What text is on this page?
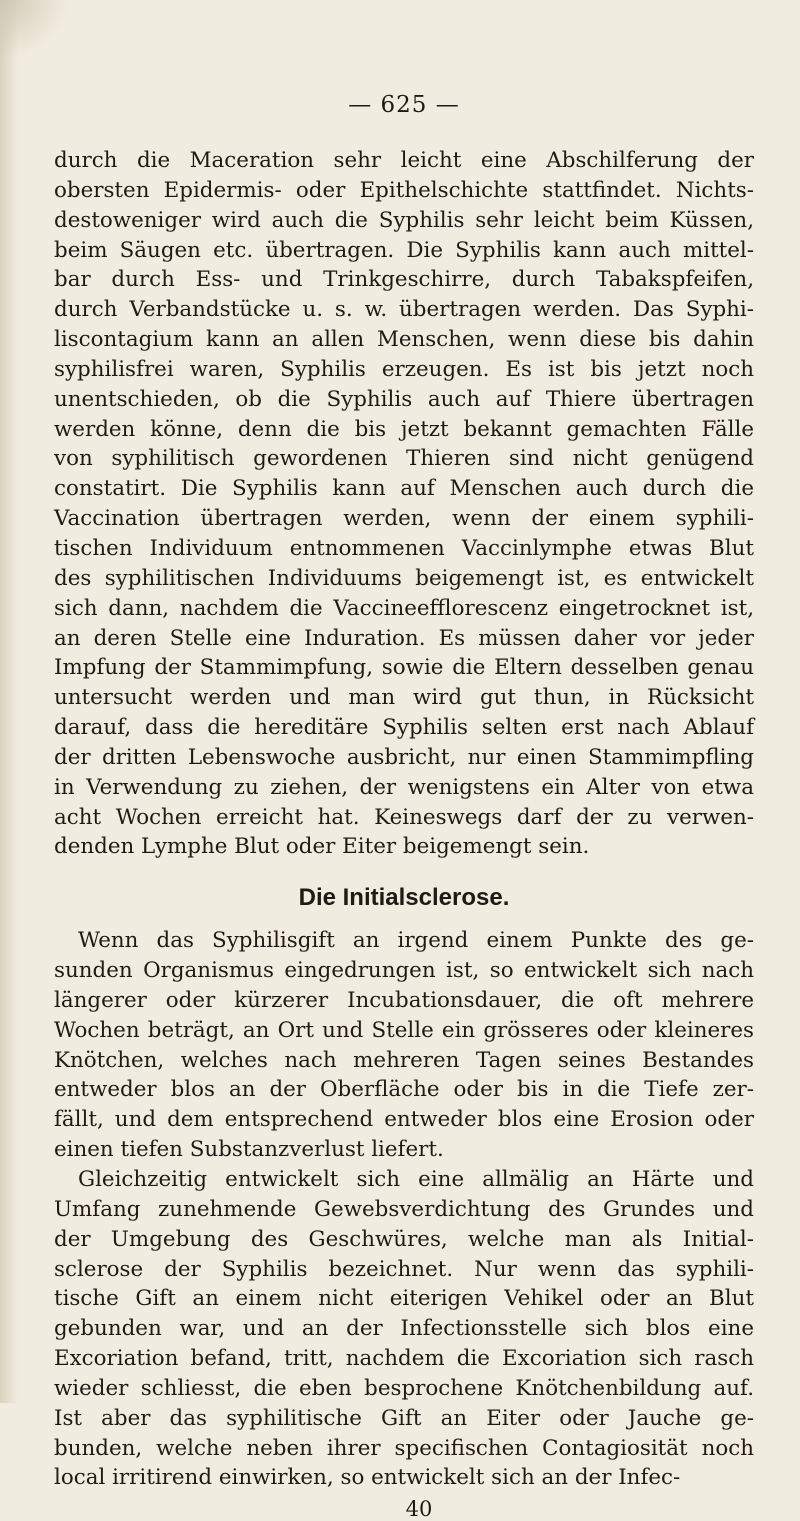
— 625 —
durch die Maceration sehr leicht eine Abschilferung der
obersten Epidermis- oder Epithelschichte stattfindet. Nichts-
destoweniger wird auch die Syphilis sehr leicht beim Küssen,
beim Säugen etc. übertragen. Die Syphilis kann auch mittel-
bar durch Ess- und Trinkgeschirre, durch Tabakspfeifen,
durch Verbandstücke u. s. w. übertragen werden. Das Syphi-
liscontagium kann an allen Menschen, wenn diese bis dahin
syphilisfrei waren, Syphilis erzeugen. Es ist bis jetzt noch
unentschieden, ob die Syphilis auch auf Thiere übertragen
werden könne, denn die bis jetzt bekannt gemachten Fälle
von syphilitisch gewordenen Thieren sind nicht genügend
constatirt. Die Syphilis kann auf Menschen auch durch die
Vaccination übertragen werden, wenn der einem syphili-
tischen Individuum entnommenen Vaccinlymphe etwas Blut
des syphilitischen Individuums beigemengt ist, es entwickelt
sich dann, nachdem die Vaccineefflorescenz eingetrocknet ist,
an deren Stelle eine Induration. Es müssen daher vor jeder
Impfung der Stammimpfung, sowie die Eltern desselben genau
untersucht werden und man wird gut thun, in Rücksicht
darauf, dass die hereditäre Syphilis selten erst nach Ablauf
der dritten Lebenswoche ausbricht, nur einen Stammimpfling
in Verwendung zu ziehen, der wenigstens ein Alter von etwa
acht Wochen erreicht hat. Keineswegs darf der zu verwen-
denden Lymphe Blut oder Eiter beigemengt sein.
Die Initialsclerose.
Wenn das Syphilisgift an irgend einem Punkte des ge-
sunden Organismus eingedrungen ist, so entwickelt sich nach
längerer oder kürzerer Incubationsdauer, die oft mehrere
Wochen beträgt, an Ort und Stelle ein grösseres oder kleineres
Knötchen, welches nach mehreren Tagen seines Bestandes
entweder blos an der Oberfläche oder bis in die Tiefe zer-
fällt, und dem entsprechend entweder blos eine Erosion oder
einen tiefen Substanzverlust liefert.
Gleichzeitig entwickelt sich eine allmälig an Härte und
Umfang zunehmende Gewebsverdichtung des Grundes und
der Umgebung des Geschwüres, welche man als Initial-
sclerose der Syphilis bezeichnet. Nur wenn das syphili-
tische Gift an einem nicht eiterigen Vehikel oder an Blut
gebunden war, und an der Infectionsstelle sich blos eine
Excoriation befand, tritt, nachdem die Excoriation sich rasch
wieder schliesst, die eben besprochene Knötchenbildung auf.
Ist aber das syphilitische Gift an Eiter oder Jauche ge-
bunden, welche neben ihrer specifischen Contagiosität noch
local irritirend einwirken, so entwickelt sich an der Infec-
40
